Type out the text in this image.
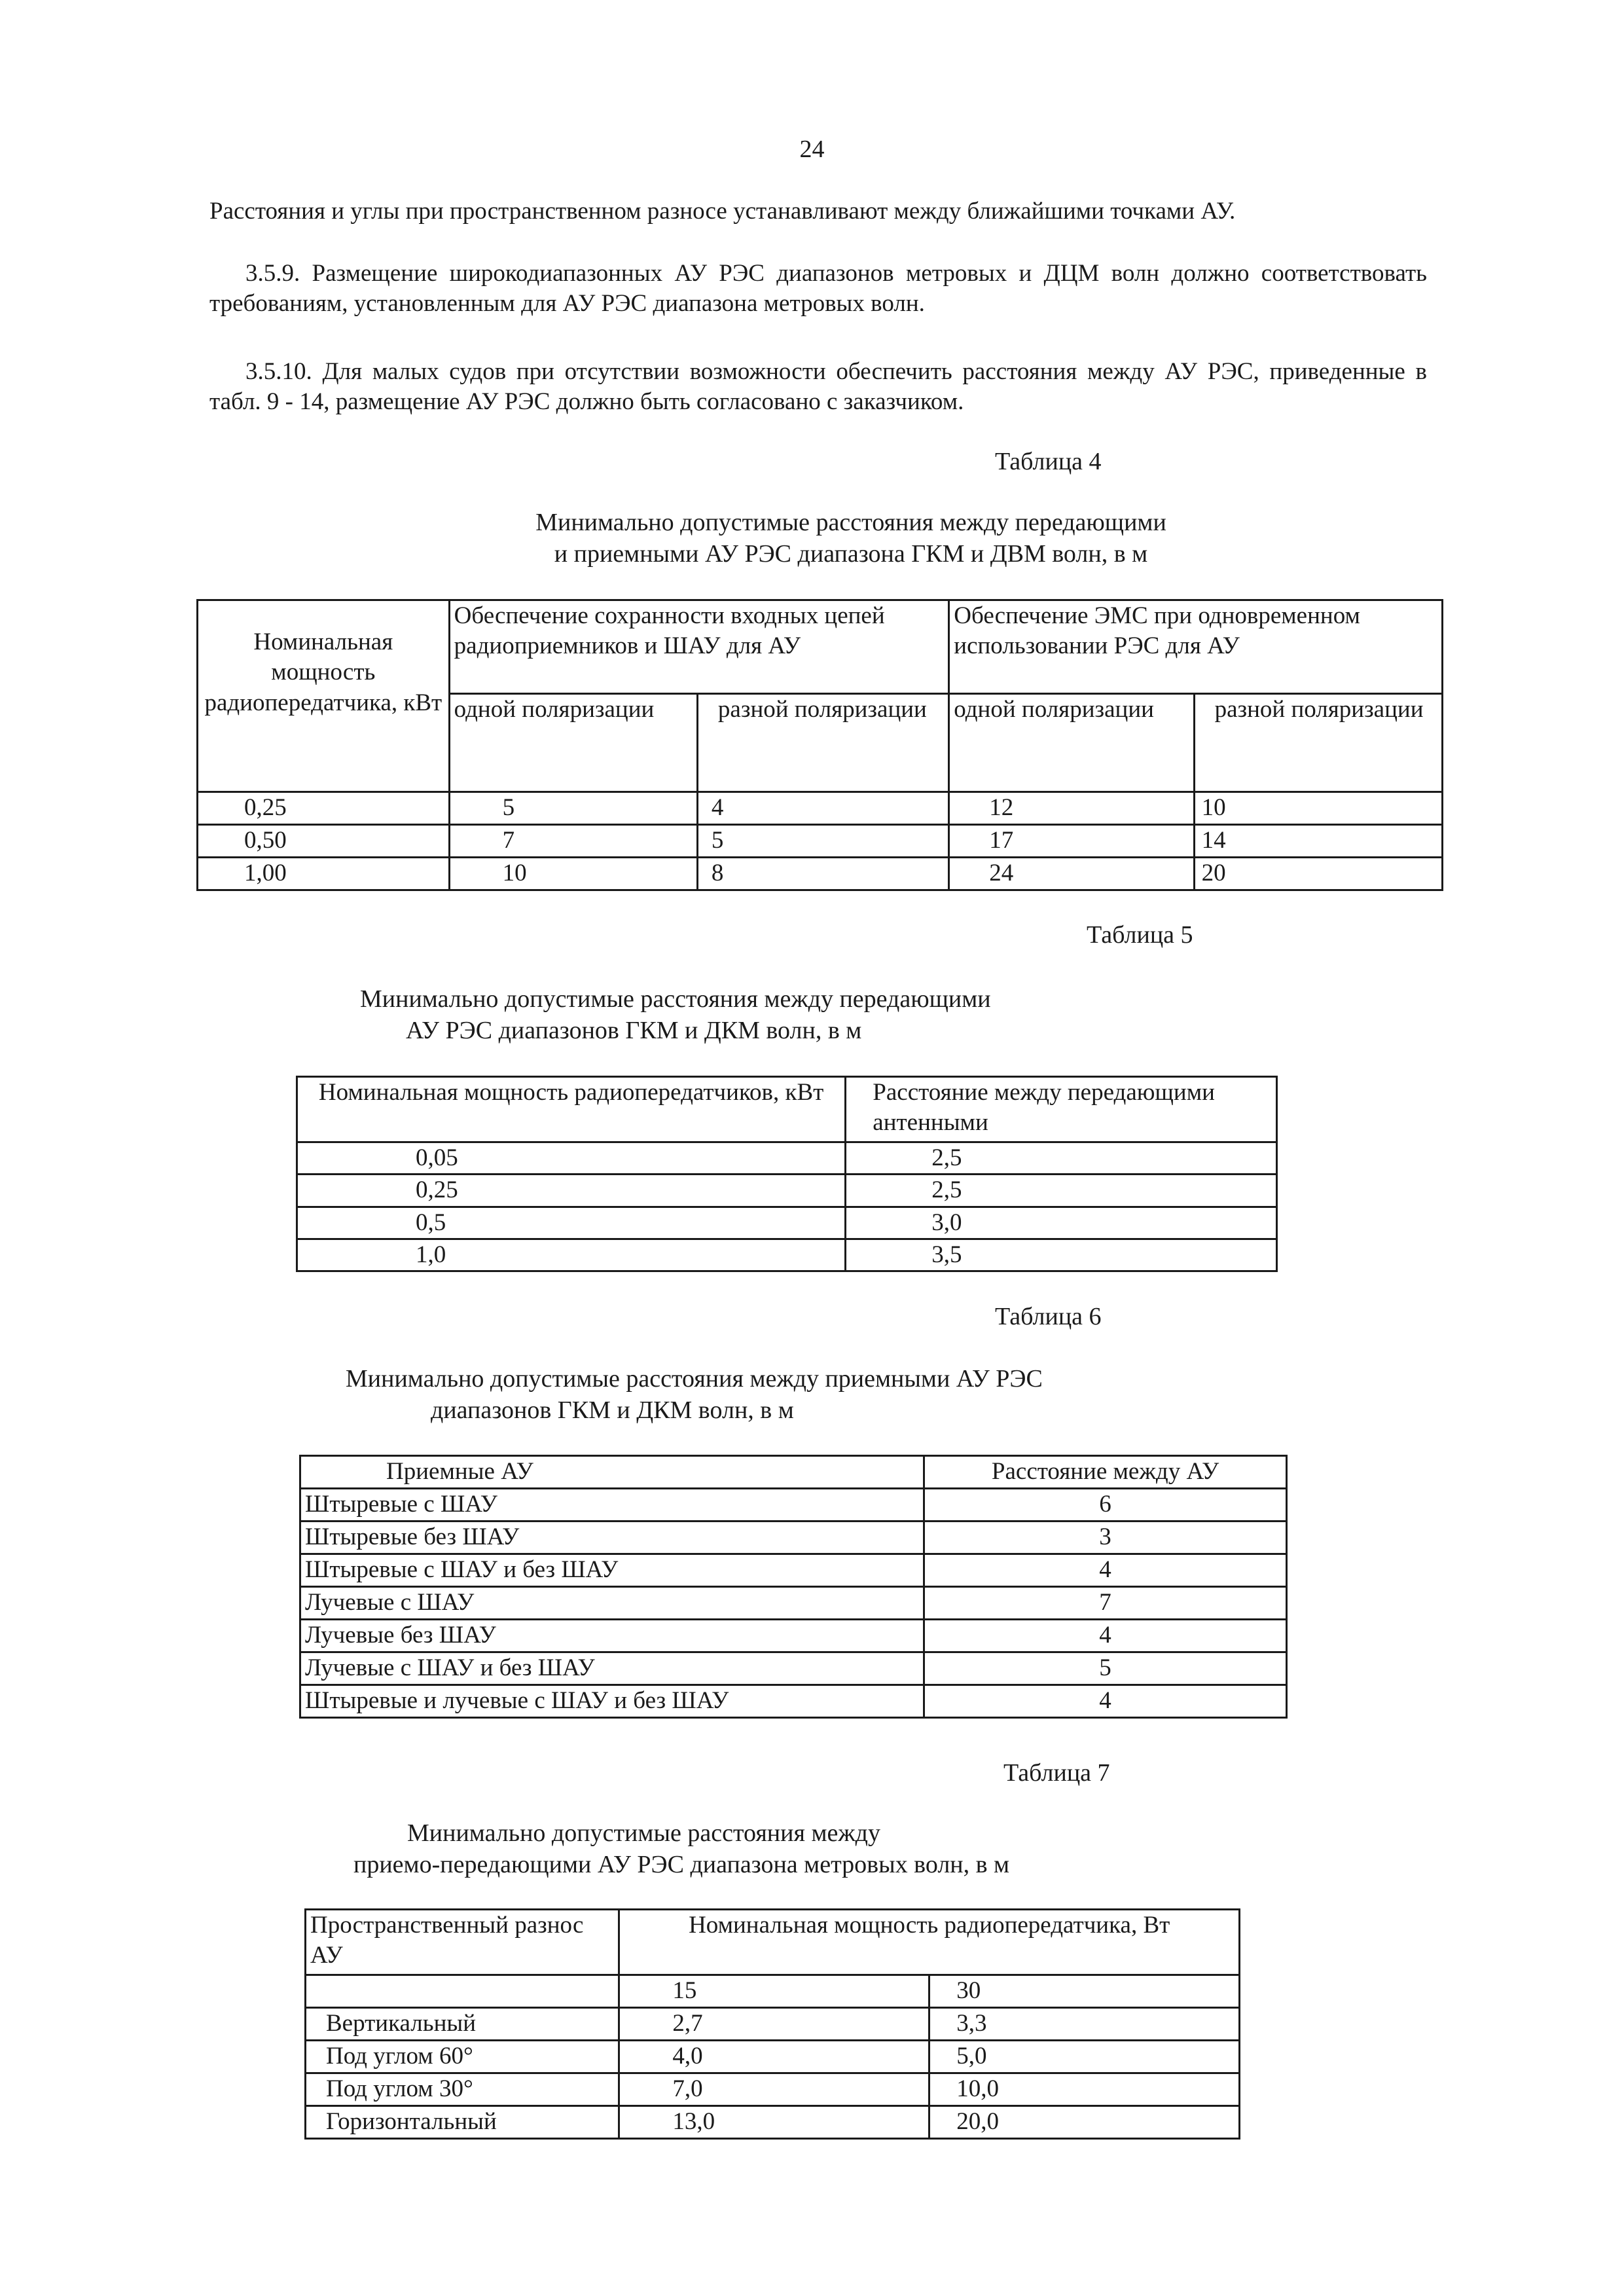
24
Расстояния и углы при пространственном разносе устанавливают между ближайшими точками АУ.
3.5.9. Размещение широкодиапазонных АУ РЭС диапазонов метровых и ДЦМ волн должно соответствовать требованиям, установленным для АУ РЭС диапазона метровых волн.
3.5.10. Для малых судов при отсутствии возможности обеспечить расстояния между АУ РЭС, приведенные в табл. 9 - 14, размещение АУ РЭС должно быть согласовано с заказчиком.
Таблица 4
Минимально допустимые расстояния между передающими
и приемными АУ РЭС диапазона ГКМ и ДВМ волн, в м
Номинальная мощность радиопередатчика, кВт	Обеспечение сохранности входных цепей радиоприемников и ШАУ для АУ		Обеспечение ЭМС при одновременном использовании РЭС для АУ	
	одной поляризации	разной поляризации	одной поляризации	разной поляризации
0,25	5	4	12	10
0,50	7	5	17	14
1,00	10	8	24	20
Таблица 5
Минимально допустимые расстояния между передающими
АУ РЭС диапазонов ГКМ и ДКМ волн, в м
Номинальная мощность радиопередатчиков, кВт	Расстояние между передающими антенными
0,05	2,5
0,25	2,5
0,5	3,0
1,0	3,5
Таблица 6
Минимально допустимые расстояния между приемными АУ РЭС
диапазонов ГКМ и ДКМ волн, в м
Приемные АУ	Расстояние между АУ
Штыревые с ШАУ	6
Штыревые без ШАУ	3
Штыревые с ШАУ и без ШАУ	4
Лучевые с ШАУ	7
Лучевые без ШАУ	4
Лучевые с ШАУ и без ШАУ	5
Штыревые и лучевые с ШАУ и без ШАУ	4
Таблица 7
Минимально допустимые расстояния между
приемо-передающими АУ РЭС диапазона метровых волн, в м
Пространственный разнос АУ	Номинальная мощность радиопередатчика, Вт	
	15	30
Вертикальный	2,7	3,3
Под углом 60°	4,0	5,0
Под углом 30°	7,0	10,0
Горизонтальный	13,0	20,0
